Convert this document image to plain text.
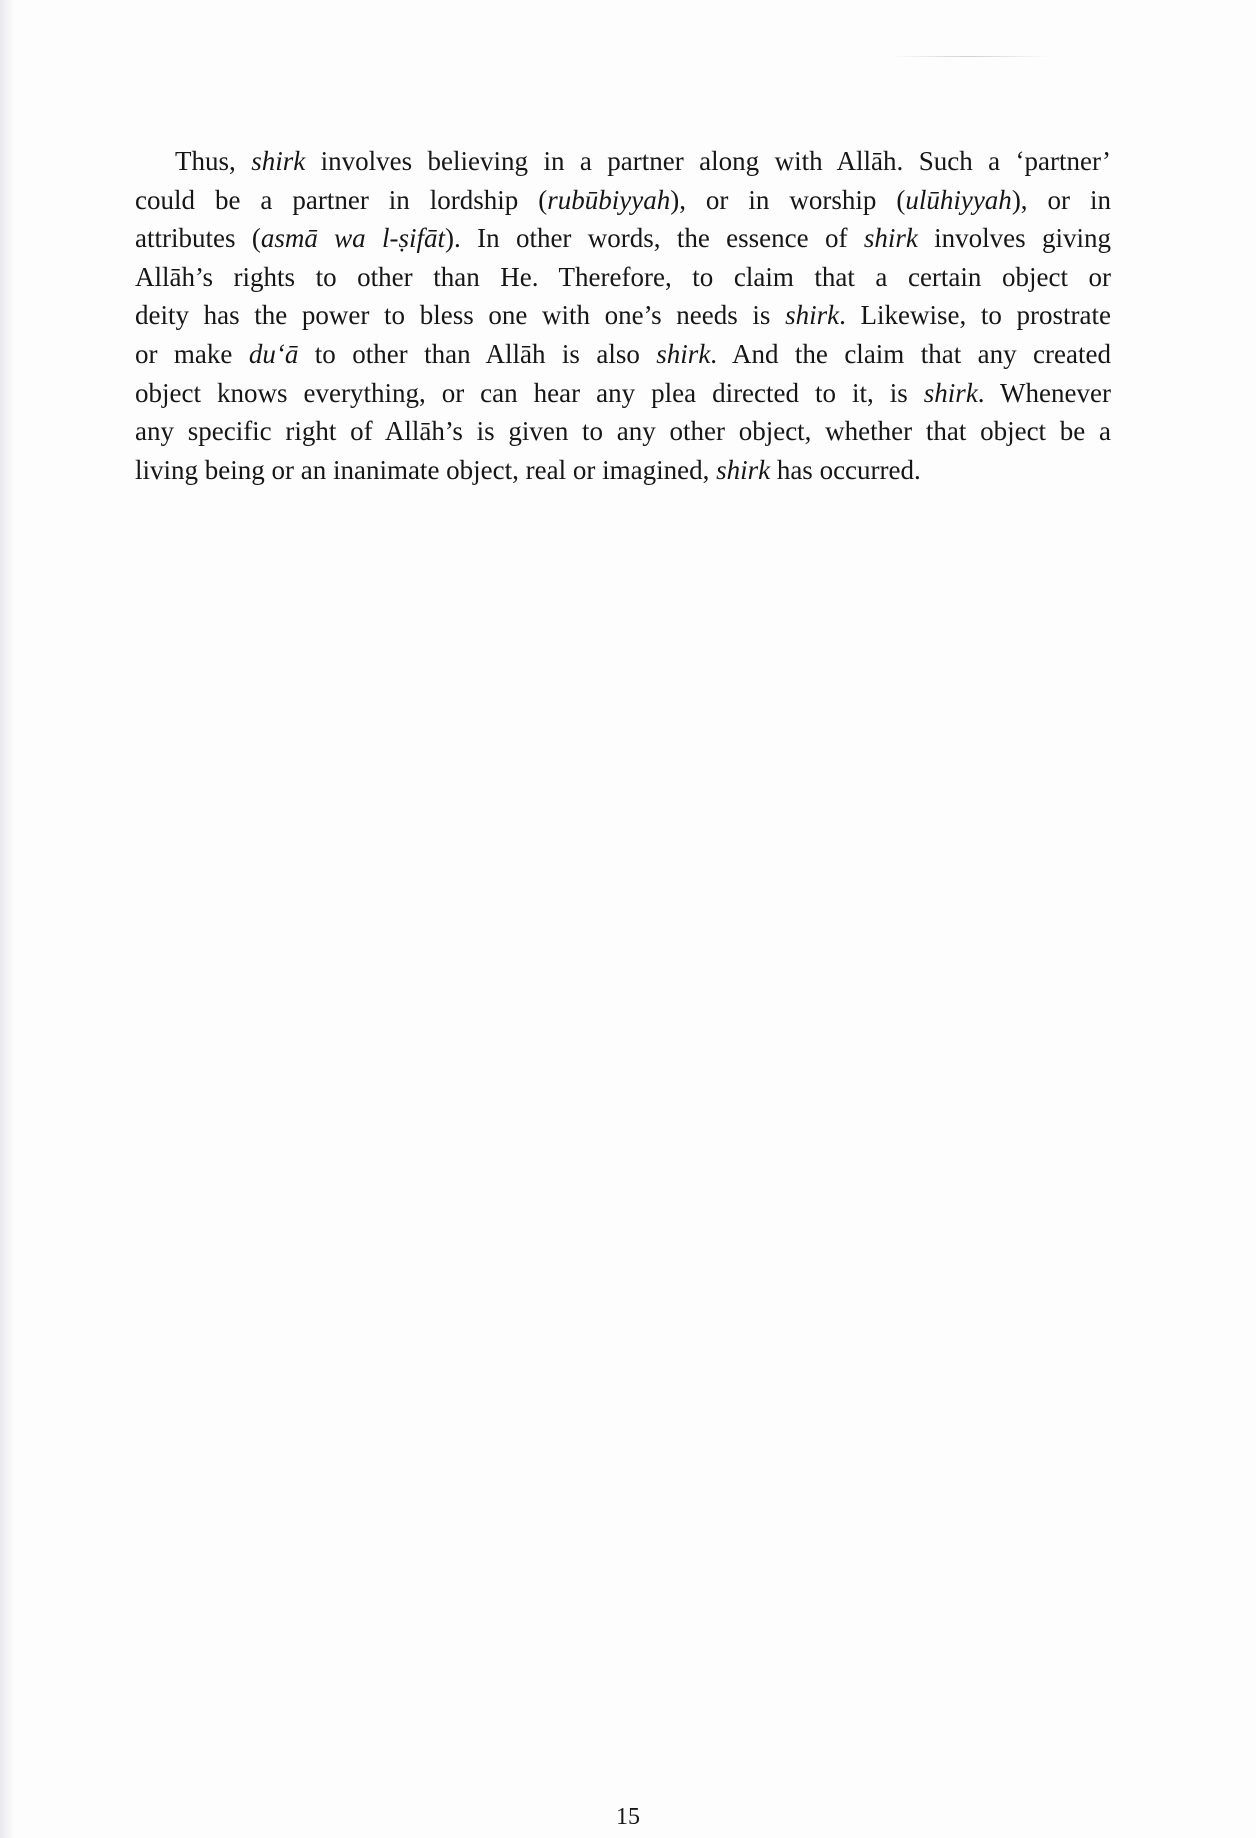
Thus, shirk involves believing in a partner along with Allāh. Such a ‘partner’
could be a partner in lordship (rubūbiyyah), or in worship (ulūhiyyah), or in
attributes (asmā wa l-ṣifāt). In other words, the essence of shirk involves giving
Allāh’s rights to other than He. Therefore, to claim that a certain object or
deity has the power to bless one with one’s needs is shirk. Likewise, to prostrate
or make du‘ā to other than Allāh is also shirk. And the claim that any created
object knows everything, or can hear any plea directed to it, is shirk. Whenever
any specific right of Allāh’s is given to any other object, whether that object be a
living being or an inanimate object, real or imagined, shirk has occurred.

15
